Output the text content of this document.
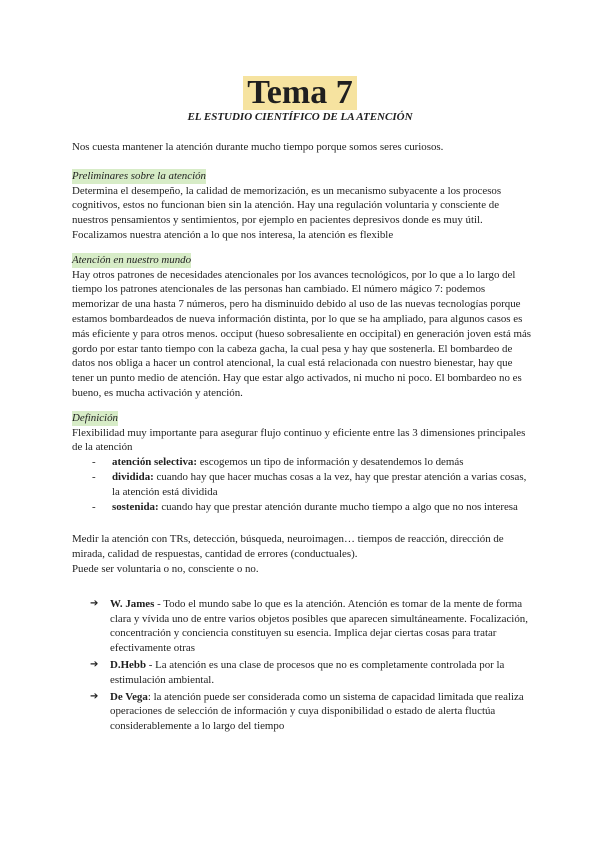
Tema 7
EL ESTUDIO CIENTÍFICO DE LA ATENCIÓN

Nos cuesta mantener la atención durante mucho tiempo porque somos seres curiosos.

Preliminares sobre la atención

Determina el desempeño, la calidad de memorización, es un mecanismo subyacente a los procesos cognitivos, estos no funcionan bien sin la atención. Hay una regulación voluntaria y consciente de nuestros pensamientos y sentimientos, por ejemplo en pacientes depresivos donde es muy útil. Focalizamos nuestra atención a lo que nos interesa, la atención es flexible

Atención en nuestro mundo

Hay otros patrones de necesidades atencionales por los avances tecnológicos, por lo que a lo largo del tiempo los patrones atencionales de las personas han cambiado. El número mágico 7: podemos memorizar de una hasta 7 números, pero ha disminuido debido al uso de las nuevas tecnologías porque estamos bombardeados de nueva información distinta, por lo que se ha ampliado, para algunos casos es más eficiente y para otros menos. occiput (hueso sobresaliente en occipital) en generación joven está más gordo por estar tanto tiempo con la cabeza gacha, la cual pesa y hay que sostenerla. El bombardeo de datos nos obliga a hacer un control atencional, la cual está relacionada con nuestro bienestar, hay que tener un punto medio de atención. Hay que estar algo activados, ni mucho ni poco. El bombardeo no es bueno, es mucha activación y atención.

Definición

Flexibilidad muy importante para asegurar flujo continuo y eficiente entre las 3 dimensiones principales de la atención

- atención selectiva: escogemos un tipo de información y desatendemos lo demás
- dividida: cuando hay que hacer muchas cosas a la vez, hay que prestar atención a varias cosas, la atención está dividida
- sostenida: cuando hay que prestar atención durante mucho tiempo a algo que no nos interesa

Medir la atención con TRs, detección, búsqueda, neuroimagen… tiempos de reacción, dirección de mirada, calidad de respuestas, cantidad de errores (conductuales).

Puede ser voluntaria o no, consciente o no.

➔ W. James - Todo el mundo sabe lo que es la atención. Atención es tomar de la mente de forma clara y vívida uno de entre varios objetos posibles que aparecen simultáneamente. Focalización, concentración y conciencia constituyen su esencia. Implica dejar ciertas cosas para tratar efectivamente otras
➔ D.Hebb - La atención es una clase de procesos que no es completamente controlada por la estimulación ambiental.
➔ De Vega: la atención puede ser considerada como un sistema de capacidad limitada que realiza operaciones de selección de información y cuya disponibilidad o estado de alerta fluctúa considerablemente a lo largo del tiempo
